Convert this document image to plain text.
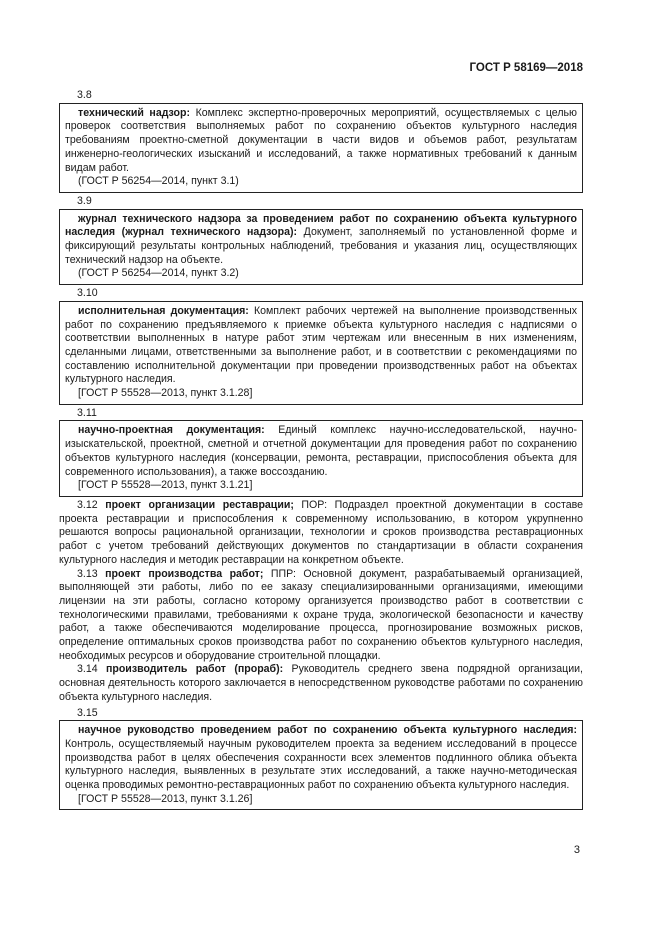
ГОСТ Р 58169—2018

3.8

технический надзор: Комплекс экспертно-проверочных мероприятий, осуществляемых с целью проверок соответствия выполняемых работ по сохранению объектов культурного наследия требованиям проектно-сметной документации в части видов и объемов работ, результатам инженерно-геологических изысканий и исследований, а также нормативных требований к данным видам работ.

(ГОСТ Р 56254—2014, пункт 3.1)

3.9

журнал технического надзора за проведением работ по сохранению объекта культурного наследия (журнал технического надзора): Документ, заполняемый по установленной форме и фиксирующий результаты контрольных наблюдений, требования и указания лиц, осуществляющих технический надзор на объекте.

(ГОСТ Р 56254—2014, пункт 3.2)

3.10

исполнительная документация: Комплект рабочих чертежей на выполнение производственных работ по сохранению предъявляемого к приемке объекта культурного наследия с надписями о соответствии выполненных в натуре работ этим чертежам или внесенным в них изменениям, сделанными лицами, ответственными за выполнение работ, и в соответствии с рекомендациями по составлению исполнительной документации при проведении производственных работ на объектах культурного наследия.

[ГОСТ Р 55528—2013, пункт 3.1.28]

3.11

научно-проектная документация: Единый комплекс научно-исследовательской, научно-изыскательской, проектной, сметной и отчетной документации для проведения работ по сохранению объектов культурного наследия (консервации, ремонта, реставрации, приспособления объекта для современного использования), а также воссозданию.

[ГОСТ Р 55528—2013, пункт 3.1.21]

3.12 проект организации реставрации; ПОР: Подраздел проектной документации в составе проекта реставрации и приспособления к современному использованию, в котором укрупненно решаются вопросы рациональной организации, технологии и сроков производства реставрационных работ с учетом требований действующих документов по стандартизации в области сохранения культурного наследия и методик реставрации на конкретном объекте.

3.13 проект производства работ; ППР: Основной документ, разрабатываемый организацией, выполняющей эти работы, либо по ее заказу специализированными организациями, имеющими лицензии на эти работы, согласно которому организуется производство работ в соответствии с технологическими правилами, требованиями к охране труда, экологической безопасности и качеству работ, а также обеспечиваются моделирование процесса, прогнозирование возможных рисков, определение оптимальных сроков производства работ по сохранению объектов культурного наследия, необходимых ресурсов и оборудование строительной площадки.

3.14 производитель работ (прораб): Руководитель среднего звена подрядной организации, основная деятельность которого заключается в непосредственном руководстве работами по сохранению объекта культурного наследия.

3.15

научное руководство проведением работ по сохранению объекта культурного наследия: Контроль, осуществляемый научным руководителем проекта за ведением исследований в процессе производства работ в целях обеспечения сохранности всех элементов подлинного облика объекта культурного наследия, выявленных в результате этих исследований, а также научно-методическая оценка проводимых ремонтно-реставрационных работ по сохранению объекта культурного наследия.

[ГОСТ Р 55528—2013, пункт 3.1.26]

3
